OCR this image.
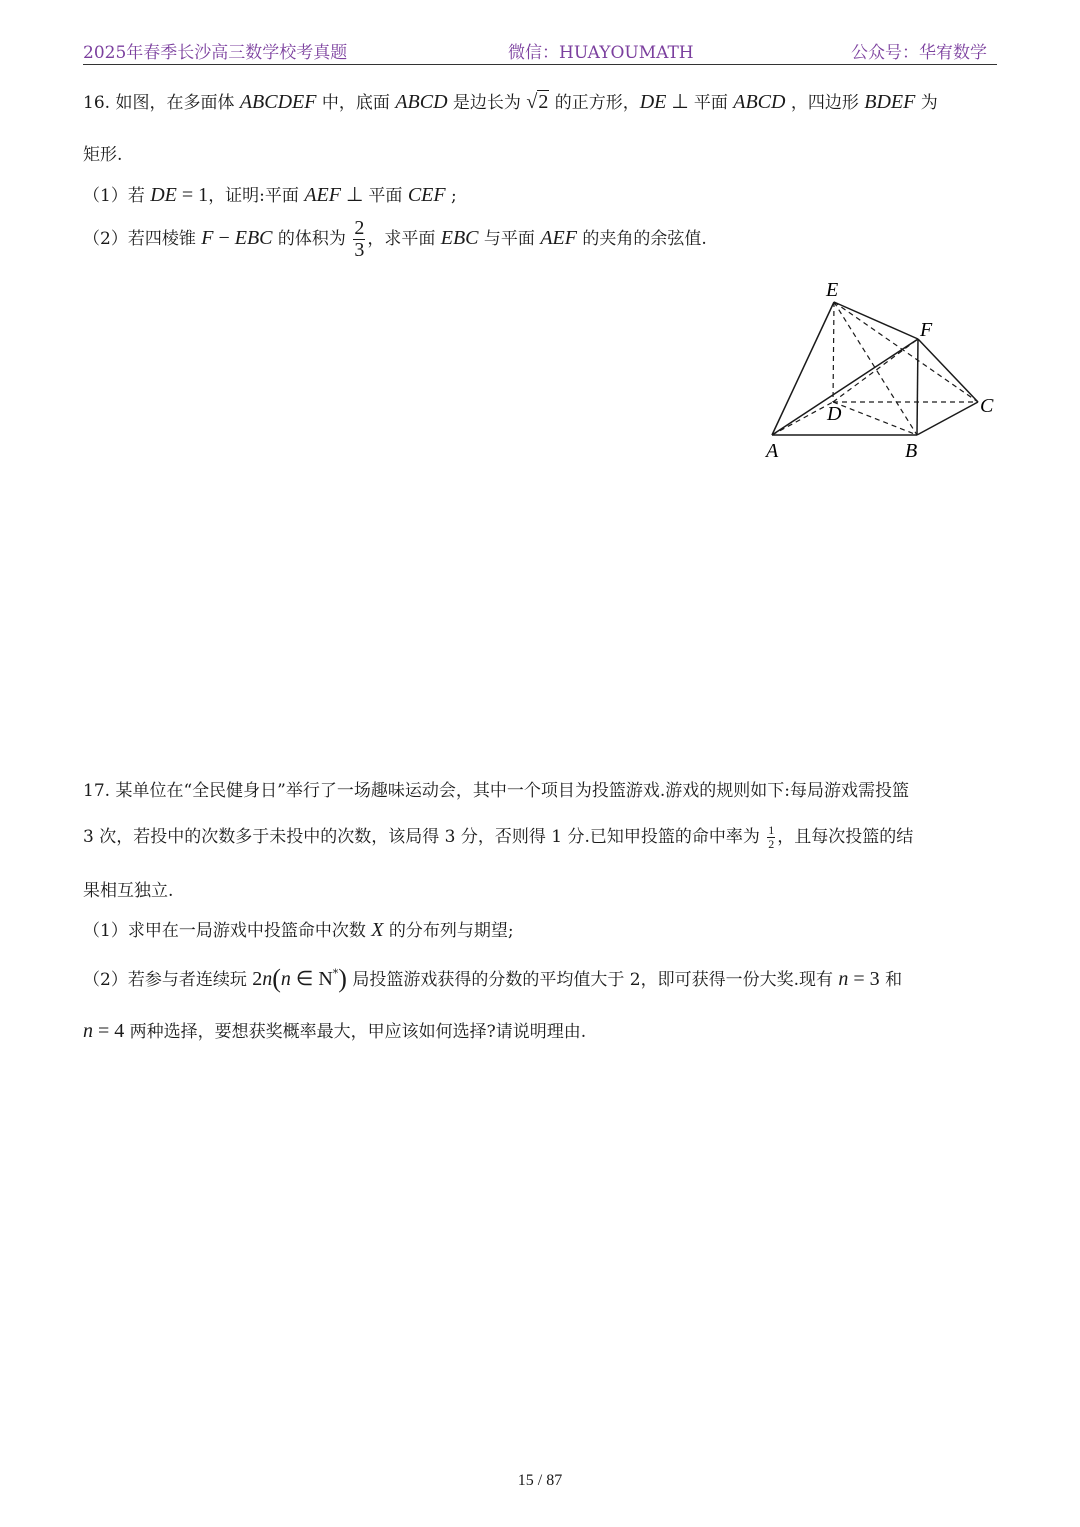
2025年春季长沙高三数学校考真题	微信：HUAYOUMATH	公众号：华宥数学
16. 如图，在多面体 ABCDEF 中，底面 ABCD 是边长为 √2 的正方形，DE ⊥ 平面 ABCD ，四边形 BDEF 为
矩形.
（1）若 DE = 1，证明:平面 AEF ⊥ 平面 CEF ;
（2）若四棱锥 F − EBC 的体积为 $\frac{2}{3}$ ，求平面 EBC 与平面 AEF 的夹角的余弦值.
E
F
D	C
A	B
17. 某单位在“全民健身日”举行了一场趣味运动会，其中一个项目为投篮游戏.游戏的规则如下:每局游戏需投篮
3 次，若投中的次数多于未投中的次数，该局得 3 分，否则得 1 分.已知甲投篮的命中率为 $\frac{1}{2}$ ，且每次投篮的结
果相互独立.
（1）求甲在一局游戏中投篮命中次数 X 的分布列与期望;
（2）若参与者连续玩 2n(n ∈ N*) 局投篮游戏获得的分数的平均值大于 2，即可获得一份大奖.现有 n = 3 和
n = 4 两种选择，要想获奖概率最大，甲应该如何选择?请说明理由.
15 / 87
